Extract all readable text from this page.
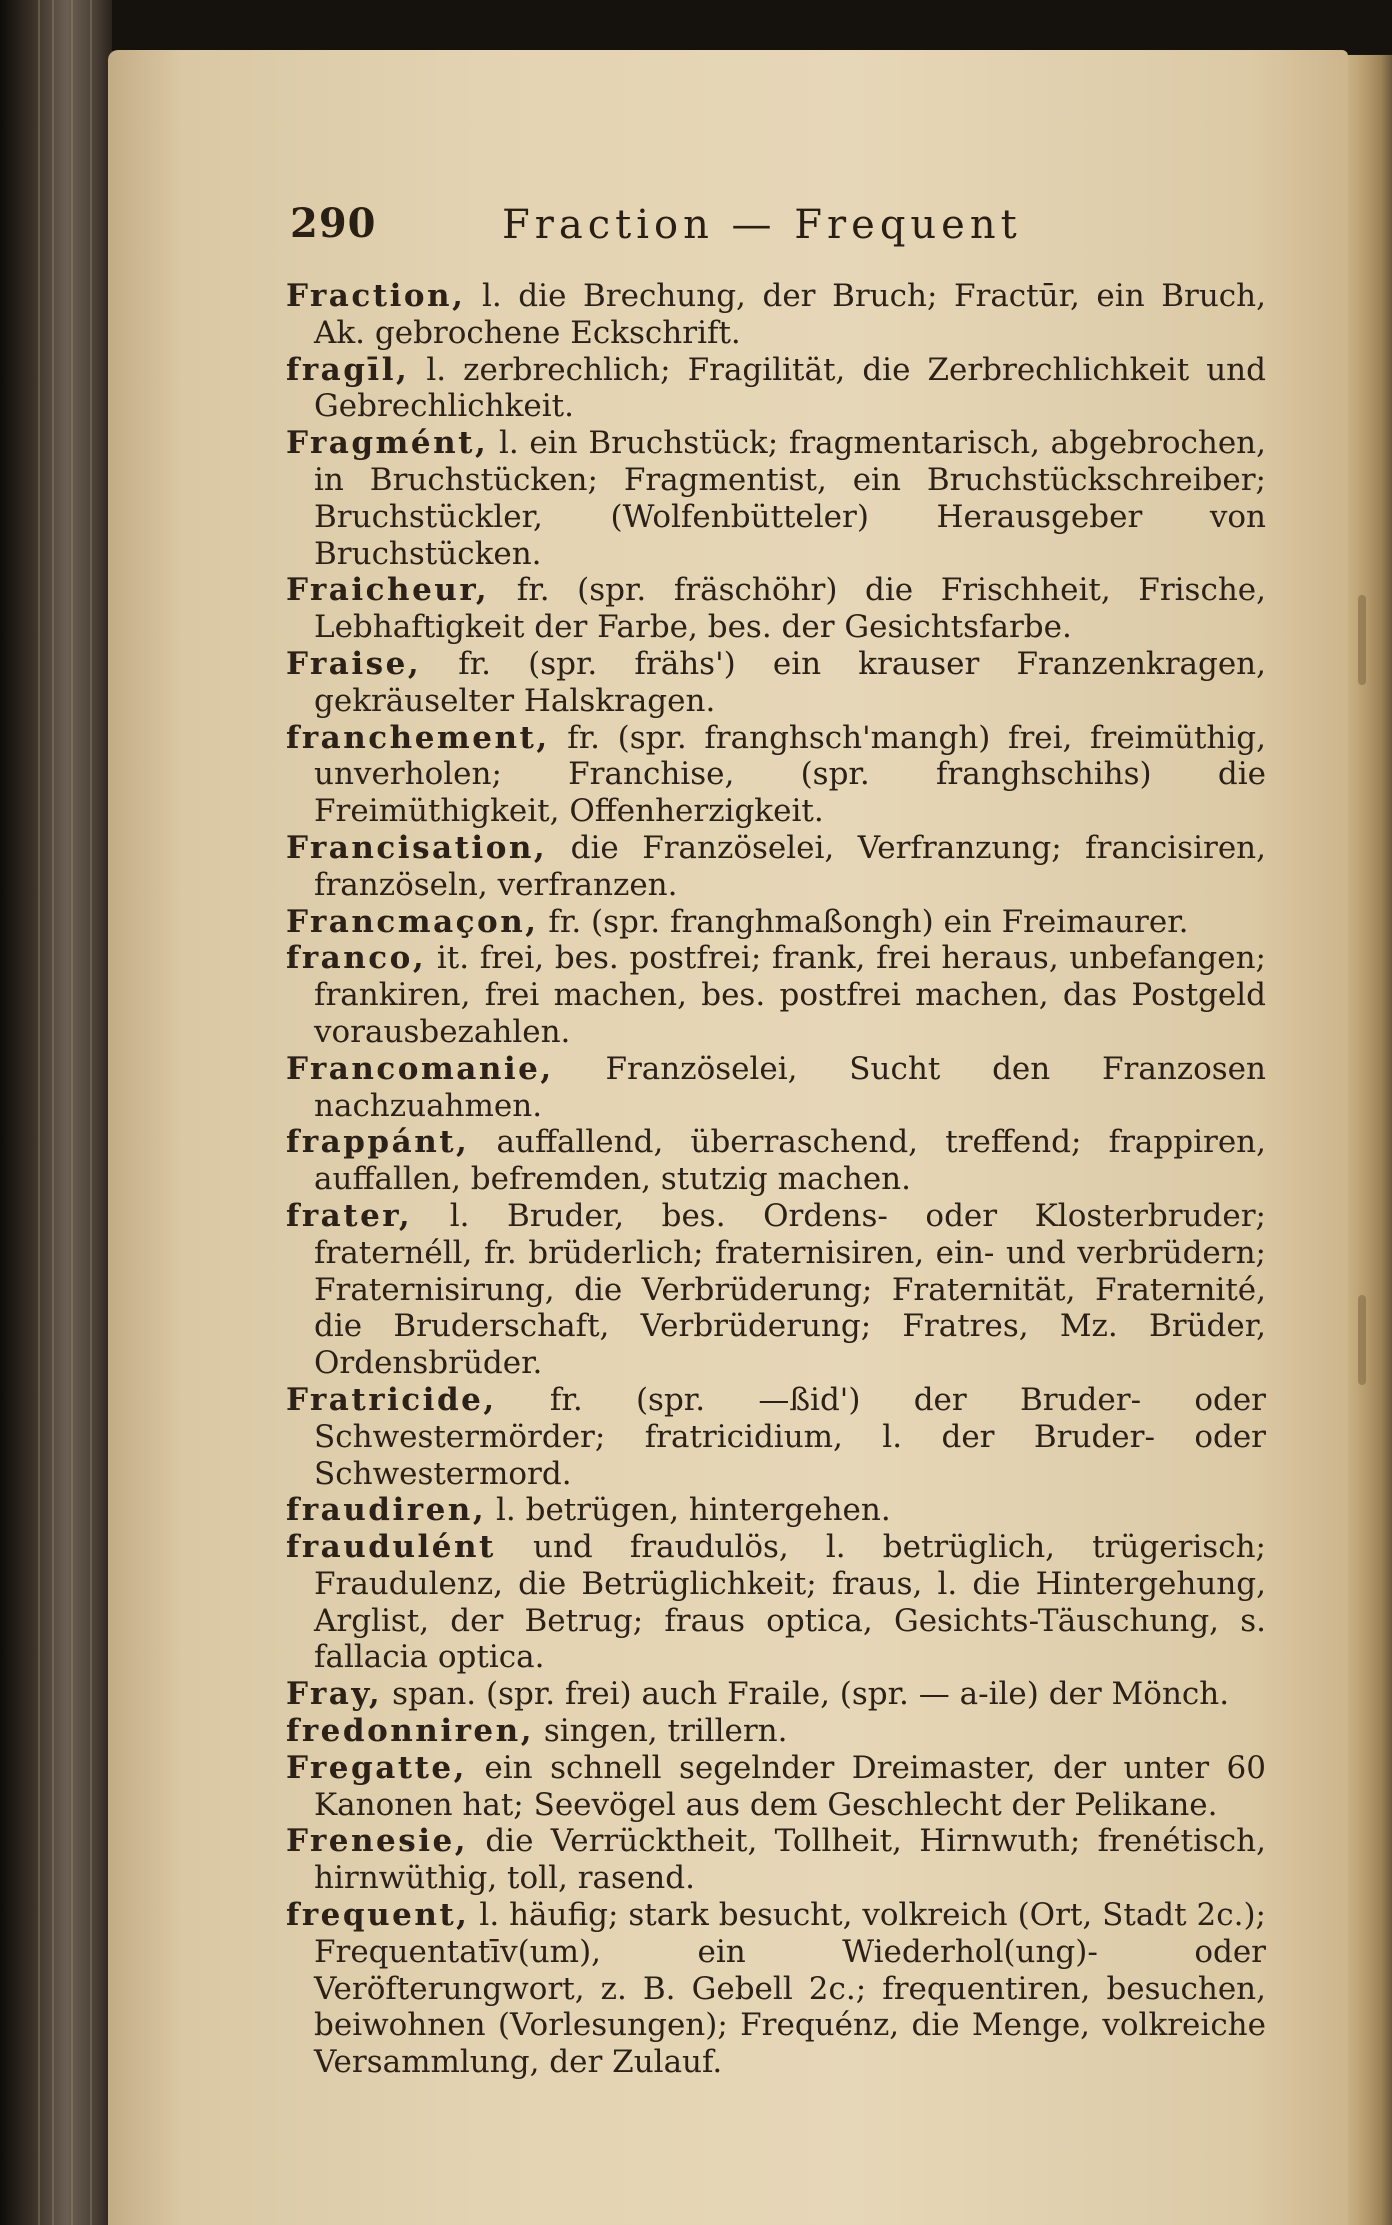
290	Fraction — Frequent

Fraction, l. die Brechung, der Bruch; Fractūr, ein Bruch, Ak. gebrochene Eckschrift.

fragīl, l. zerbrechlich; Fragilität, die Zerbrechlichkeit und Gebrechlichkeit.

Fragmént, l. ein Bruchstück; fragmentarisch, abgebrochen, in Bruchstücken; Fragmentist, ein Bruchstückschreiber; Bruchstückler, (Wolfenbütteler) Herausgeber von Bruchstücken.

Fraicheur, fr. (spr. fräschöhr) die Frischheit, Frische, Lebhaftigkeit der Farbe, bes. der Gesichtsfarbe.

Fraise, fr. (spr. frähs') ein krauser Franzenkragen, gekräuselter Halskragen.

franchement, fr. (spr. franghsch'mangh) frei, freimüthig, unverholen; Franchise, (spr. franghschihs) die Freimüthigkeit, Offenherzigkeit.

Francisation, die Französelei, Verfranzung; francisiren, französeln, verfranzen.

Francmaçon, fr. (spr. franghmaßongh) ein Freimaurer.

franco, it. frei, bes. postfrei; frank, frei heraus, unbefangen; frankiren, frei machen, bes. postfrei machen, das Postgeld vorausbezahlen.

Francomanie, Französelei, Sucht den Franzosen nachzuahmen.

frappánt, auffallend, überraschend, treffend; frappiren, auffallen, befremden, stutzig machen.

frater, l. Bruder, bes. Ordens- oder Klosterbruder; fraternéll, fr. brüderlich; fraternisiren, ein- und verbrüdern; Fraternisirung, die Verbrüderung; Fraternität, Fraternité, die Bruderschaft, Verbrüderung; Fratres, Mz. Brüder, Ordensbrüder.

Fratricide, fr. (spr. —ßid') der Bruder- oder Schwestermörder; fratricidium, l. der Bruder- oder Schwestermord.

fraudiren, l. betrügen, hintergehen.

fraudulént und fraudulös, l. betrüglich, trügerisch; Fraudulenz, die Betrüglichkeit; fraus, l. die Hintergehung, Arglist, der Betrug; fraus optica, Gesichts-Täuschung, s. fallacia optica.

Fray, span. (spr. frei) auch Fraile, (spr. — a-ile) der Mönch.

fredonniren, singen, trillern.

Fregatte, ein schnell segelnder Dreimaster, der unter 60 Kanonen hat; Seevögel aus dem Geschlecht der Pelikane.

Frenesie, die Verrücktheit, Tollheit, Hirnwuth; frenétisch, hirnwüthig, toll, rasend.

frequent, l. häufig; stark besucht, volkreich (Ort, Stadt 2c.); Frequentatīv(um), ein Wiederhol(ung)- oder Veröfterungwort, z. B. Gebell 2c.; frequentiren, besuchen, beiwohnen (Vorlesungen); Frequénz, die Menge, volkreiche Versammlung, der Zulauf.
